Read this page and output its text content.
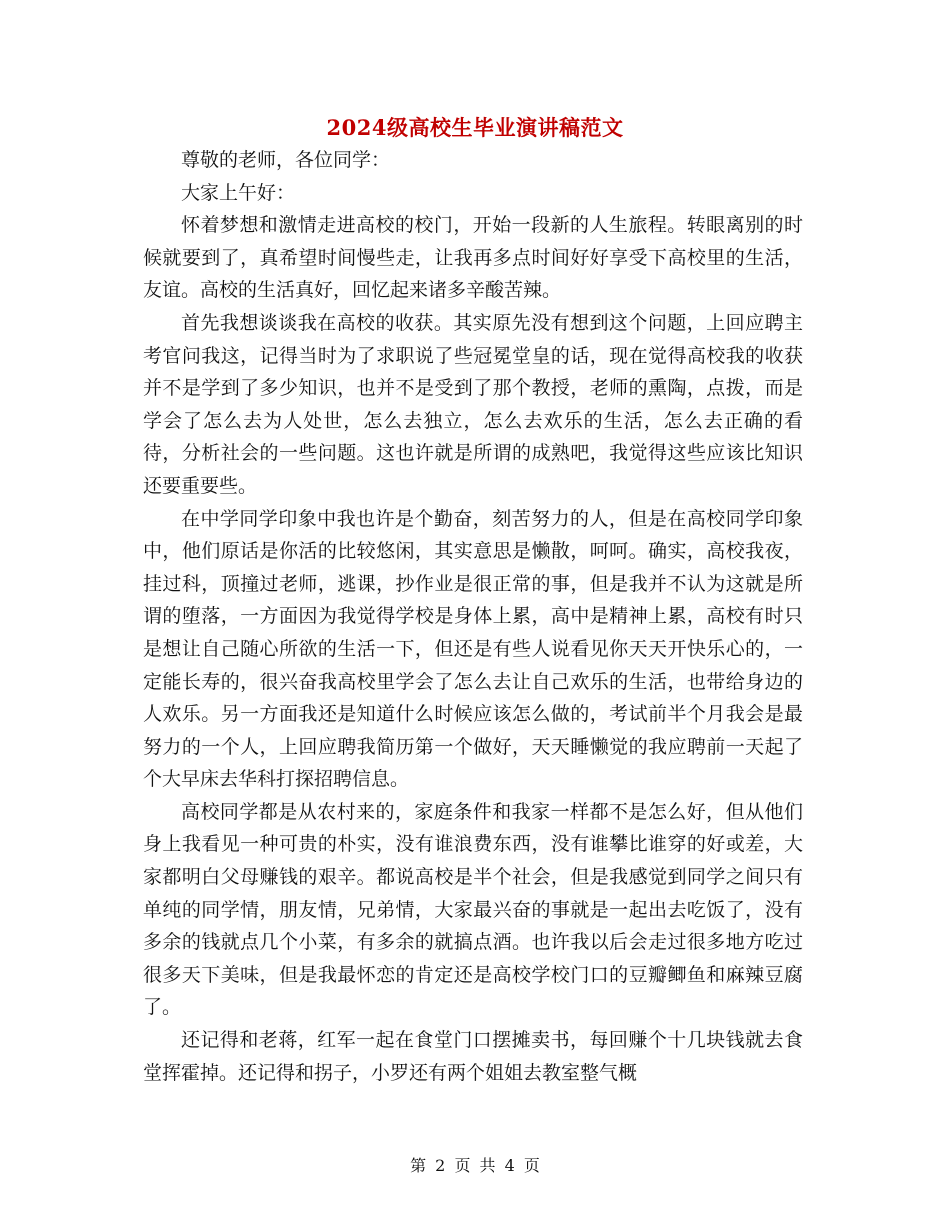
2024级高校生毕业演讲稿范文

尊敬的老师，各位同学：

大家上午好：

怀着梦想和激情走进高校的校门，开始一段新的人生旅程。转眼离别的时候就要到了，真希望时间慢些走，让我再多点时间好好享受下高校里的生活，友谊。高校的生活真好，回忆起来诸多辛酸苦辣。

首先我想谈谈我在高校的收获。其实原先没有想到这个问题，上回应聘主考官问我这，记得当时为了求职说了些冠冕堂皇的话，现在觉得高校我的收获并不是学到了多少知识，也并不是受到了那个教授，老师的熏陶，点拨，而是学会了怎么去为人处世，怎么去独立，怎么去欢乐的生活，怎么去正确的看待，分析社会的一些问题。这也许就是所谓的成熟吧，我觉得这些应该比知识还要重要些。

在中学同学印象中我也许是个勤奋，刻苦努力的人，但是在高校同学印象中，他们原话是你活的比较悠闲，其实意思是懒散，呵呵。确实，高校我夜，挂过科，顶撞过老师，逃课，抄作业是很正常的事，但是我并不认为这就是所谓的堕落，一方面因为我觉得学校是身体上累，高中是精神上累，高校有时只是想让自己随心所欲的生活一下，但还是有些人说看见你天天开快乐心的，一定能长寿的，很兴奋我高校里学会了怎么去让自己欢乐的生活，也带给身边的人欢乐。另一方面我还是知道什么时候应该怎么做的，考试前半个月我会是最努力的一个人，上回应聘我简历第一个做好，天天睡懒觉的我应聘前一天起了个大早床去华科打探招聘信息。

高校同学都是从农村来的，家庭条件和我家一样都不是怎么好，但从他们身上我看见一种可贵的朴实，没有谁浪费东西，没有谁攀比谁穿的好或差，大家都明白父母赚钱的艰辛。都说高校是半个社会，但是我感觉到同学之间只有单纯的同学情，朋友情，兄弟情，大家最兴奋的事就是一起出去吃饭了，没有多余的钱就点几个小菜，有多余的就搞点酒。也许我以后会走过很多地方吃过很多天下美味，但是我最怀恋的肯定还是高校学校门口的豆瓣鲫鱼和麻辣豆腐了。

还记得和老蒋，红军一起在食堂门口摆摊卖书，每回赚个十几块钱就去食堂挥霍掉。还记得和拐子，小罗还有两个姐姐去教室整气概

第 2 页 共 4 页
